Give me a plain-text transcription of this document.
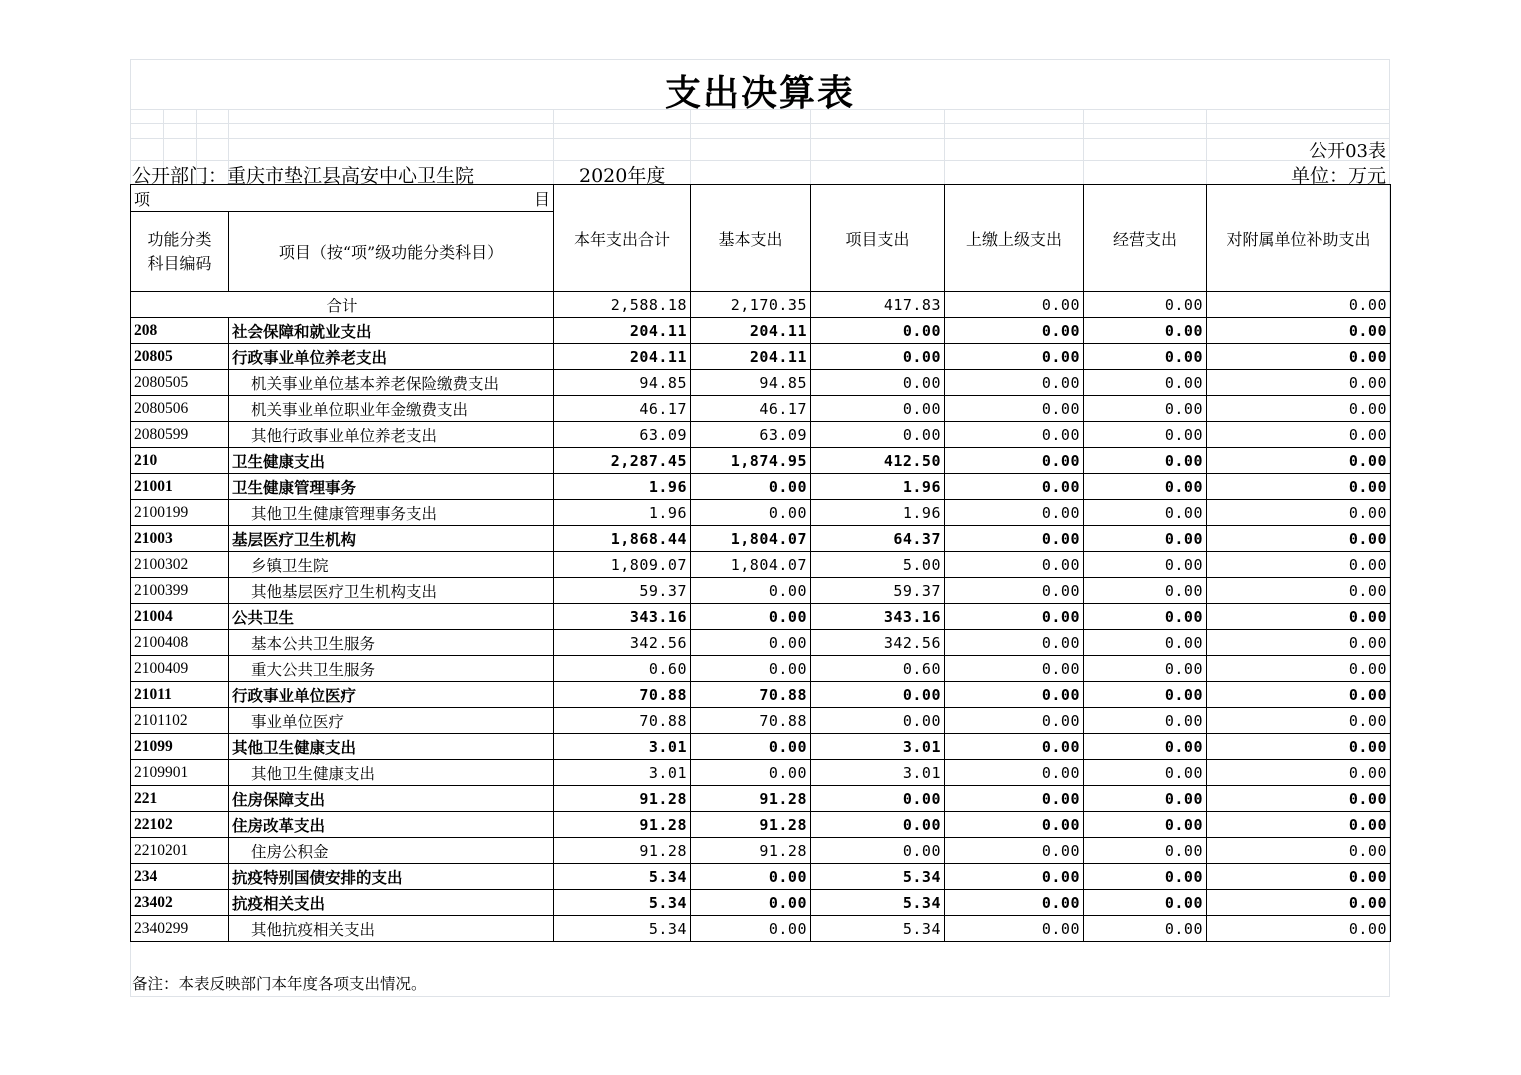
支出决算表
公开03表
公开部门：重庆市垫江县高安中心卫生院	2020年度	单位：万元
项 目		本年支出合计	基本支出	项目支出	上缴上级支出	经营支出	对附属单位补助支出
功能分类
科目编码	项目（按“项”级功能分类科目）						
合计		2,588.18	2,170.35	417.83	0.00	0.00	0.00
208	社会保障和就业支出	204.11	204.11	0.00	0.00	0.00	0.00
20805	行政事业单位养老支出	204.11	204.11	0.00	0.00	0.00	0.00
2080505	机关事业单位基本养老保险缴费支出	94.85	94.85	0.00	0.00	0.00	0.00
2080506	机关事业单位职业年金缴费支出	46.17	46.17	0.00	0.00	0.00	0.00
2080599	其他行政事业单位养老支出	63.09	63.09	0.00	0.00	0.00	0.00
210	卫生健康支出	2,287.45	1,874.95	412.50	0.00	0.00	0.00
21001	卫生健康管理事务	1.96	0.00	1.96	0.00	0.00	0.00
2100199	其他卫生健康管理事务支出	1.96	0.00	1.96	0.00	0.00	0.00
21003	基层医疗卫生机构	1,868.44	1,804.07	64.37	0.00	0.00	0.00
2100302	乡镇卫生院	1,809.07	1,804.07	5.00	0.00	0.00	0.00
2100399	其他基层医疗卫生机构支出	59.37	0.00	59.37	0.00	0.00	0.00
21004	公共卫生	343.16	0.00	343.16	0.00	0.00	0.00
2100408	基本公共卫生服务	342.56	0.00	342.56	0.00	0.00	0.00
2100409	重大公共卫生服务	0.60	0.00	0.60	0.00	0.00	0.00
21011	行政事业单位医疗	70.88	70.88	0.00	0.00	0.00	0.00
2101102	事业单位医疗	70.88	70.88	0.00	0.00	0.00	0.00
21099	其他卫生健康支出	3.01	0.00	3.01	0.00	0.00	0.00
2109901	其他卫生健康支出	3.01	0.00	3.01	0.00	0.00	0.00
221	住房保障支出	91.28	91.28	0.00	0.00	0.00	0.00
22102	住房改革支出	91.28	91.28	0.00	0.00	0.00	0.00
2210201	住房公积金	91.28	91.28	0.00	0.00	0.00	0.00
234	抗疫特别国债安排的支出	5.34	0.00	5.34	0.00	0.00	0.00
23402	抗疫相关支出	5.34	0.00	5.34	0.00	0.00	0.00
2340299	其他抗疫相关支出	5.34	0.00	5.34	0.00	0.00	0.00
备注：本表反映部门本年度各项支出情况。
